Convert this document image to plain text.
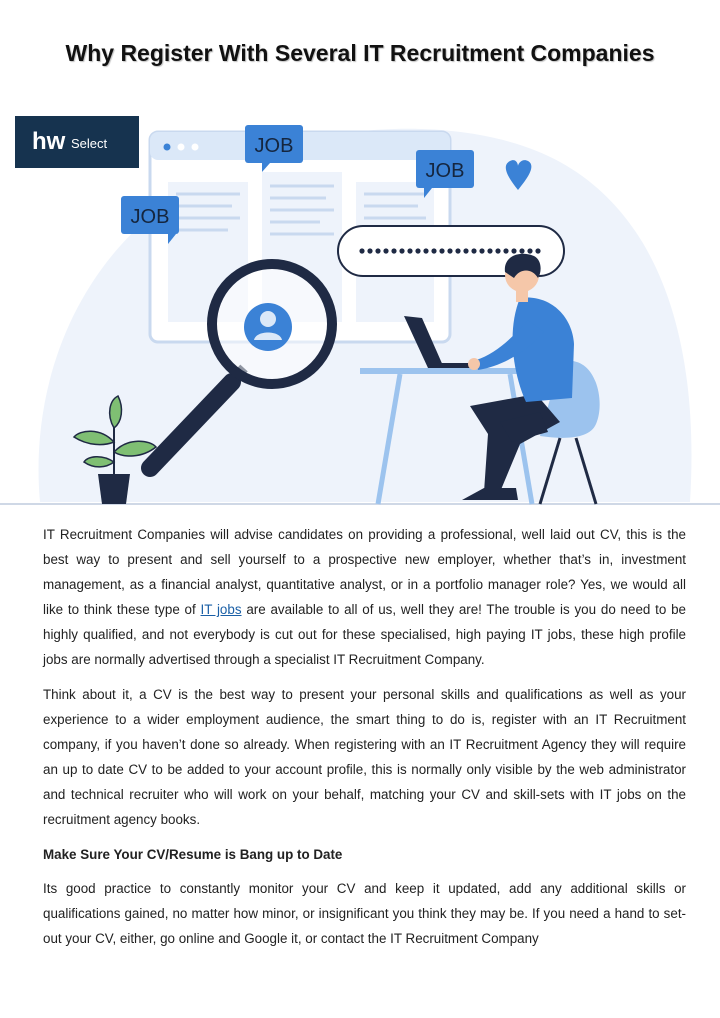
Why Register With Several IT Recruitment Companies
hw Select	JOB
JOB
JOB

IT Recruitment Companies will advise candidates on providing a professional, well laid out CV, this is the best way to present and sell yourself to a prospective new employer, whether that’s in, investment management, as a financial analyst, quantitative analyst, or in a portfolio manager role? Yes, we would all like to think these type of IT jobs are available to all of us, well they are! The trouble is you do need to be highly qualified, and not everybody is cut out for these specialised, high paying IT jobs, these high profile jobs are normally advertised through a specialist IT Recruitment Company.

Think about it, a CV is the best way to present your personal skills and qualifications as well as your experience to a wider employment audience, the smart thing to do is, register with an IT Recruitment company, if you haven’t done so already. When registering with an IT Recruitment Agency they will require an up to date CV to be added to your account profile, this is normally only visible by the web administrator and technical recruiter who will work on your behalf, matching your CV and skill-sets with IT jobs on the recruitment agency books.

Make Sure Your CV/Resume is Bang up to Date

Its good practice to constantly monitor your CV and keep it updated, add any additional skills or qualifications gained, no matter how minor, or insignificant you think they may be. If you need a hand to set-out your CV, either, go online and Google it, or contact the IT Recruitment Company
